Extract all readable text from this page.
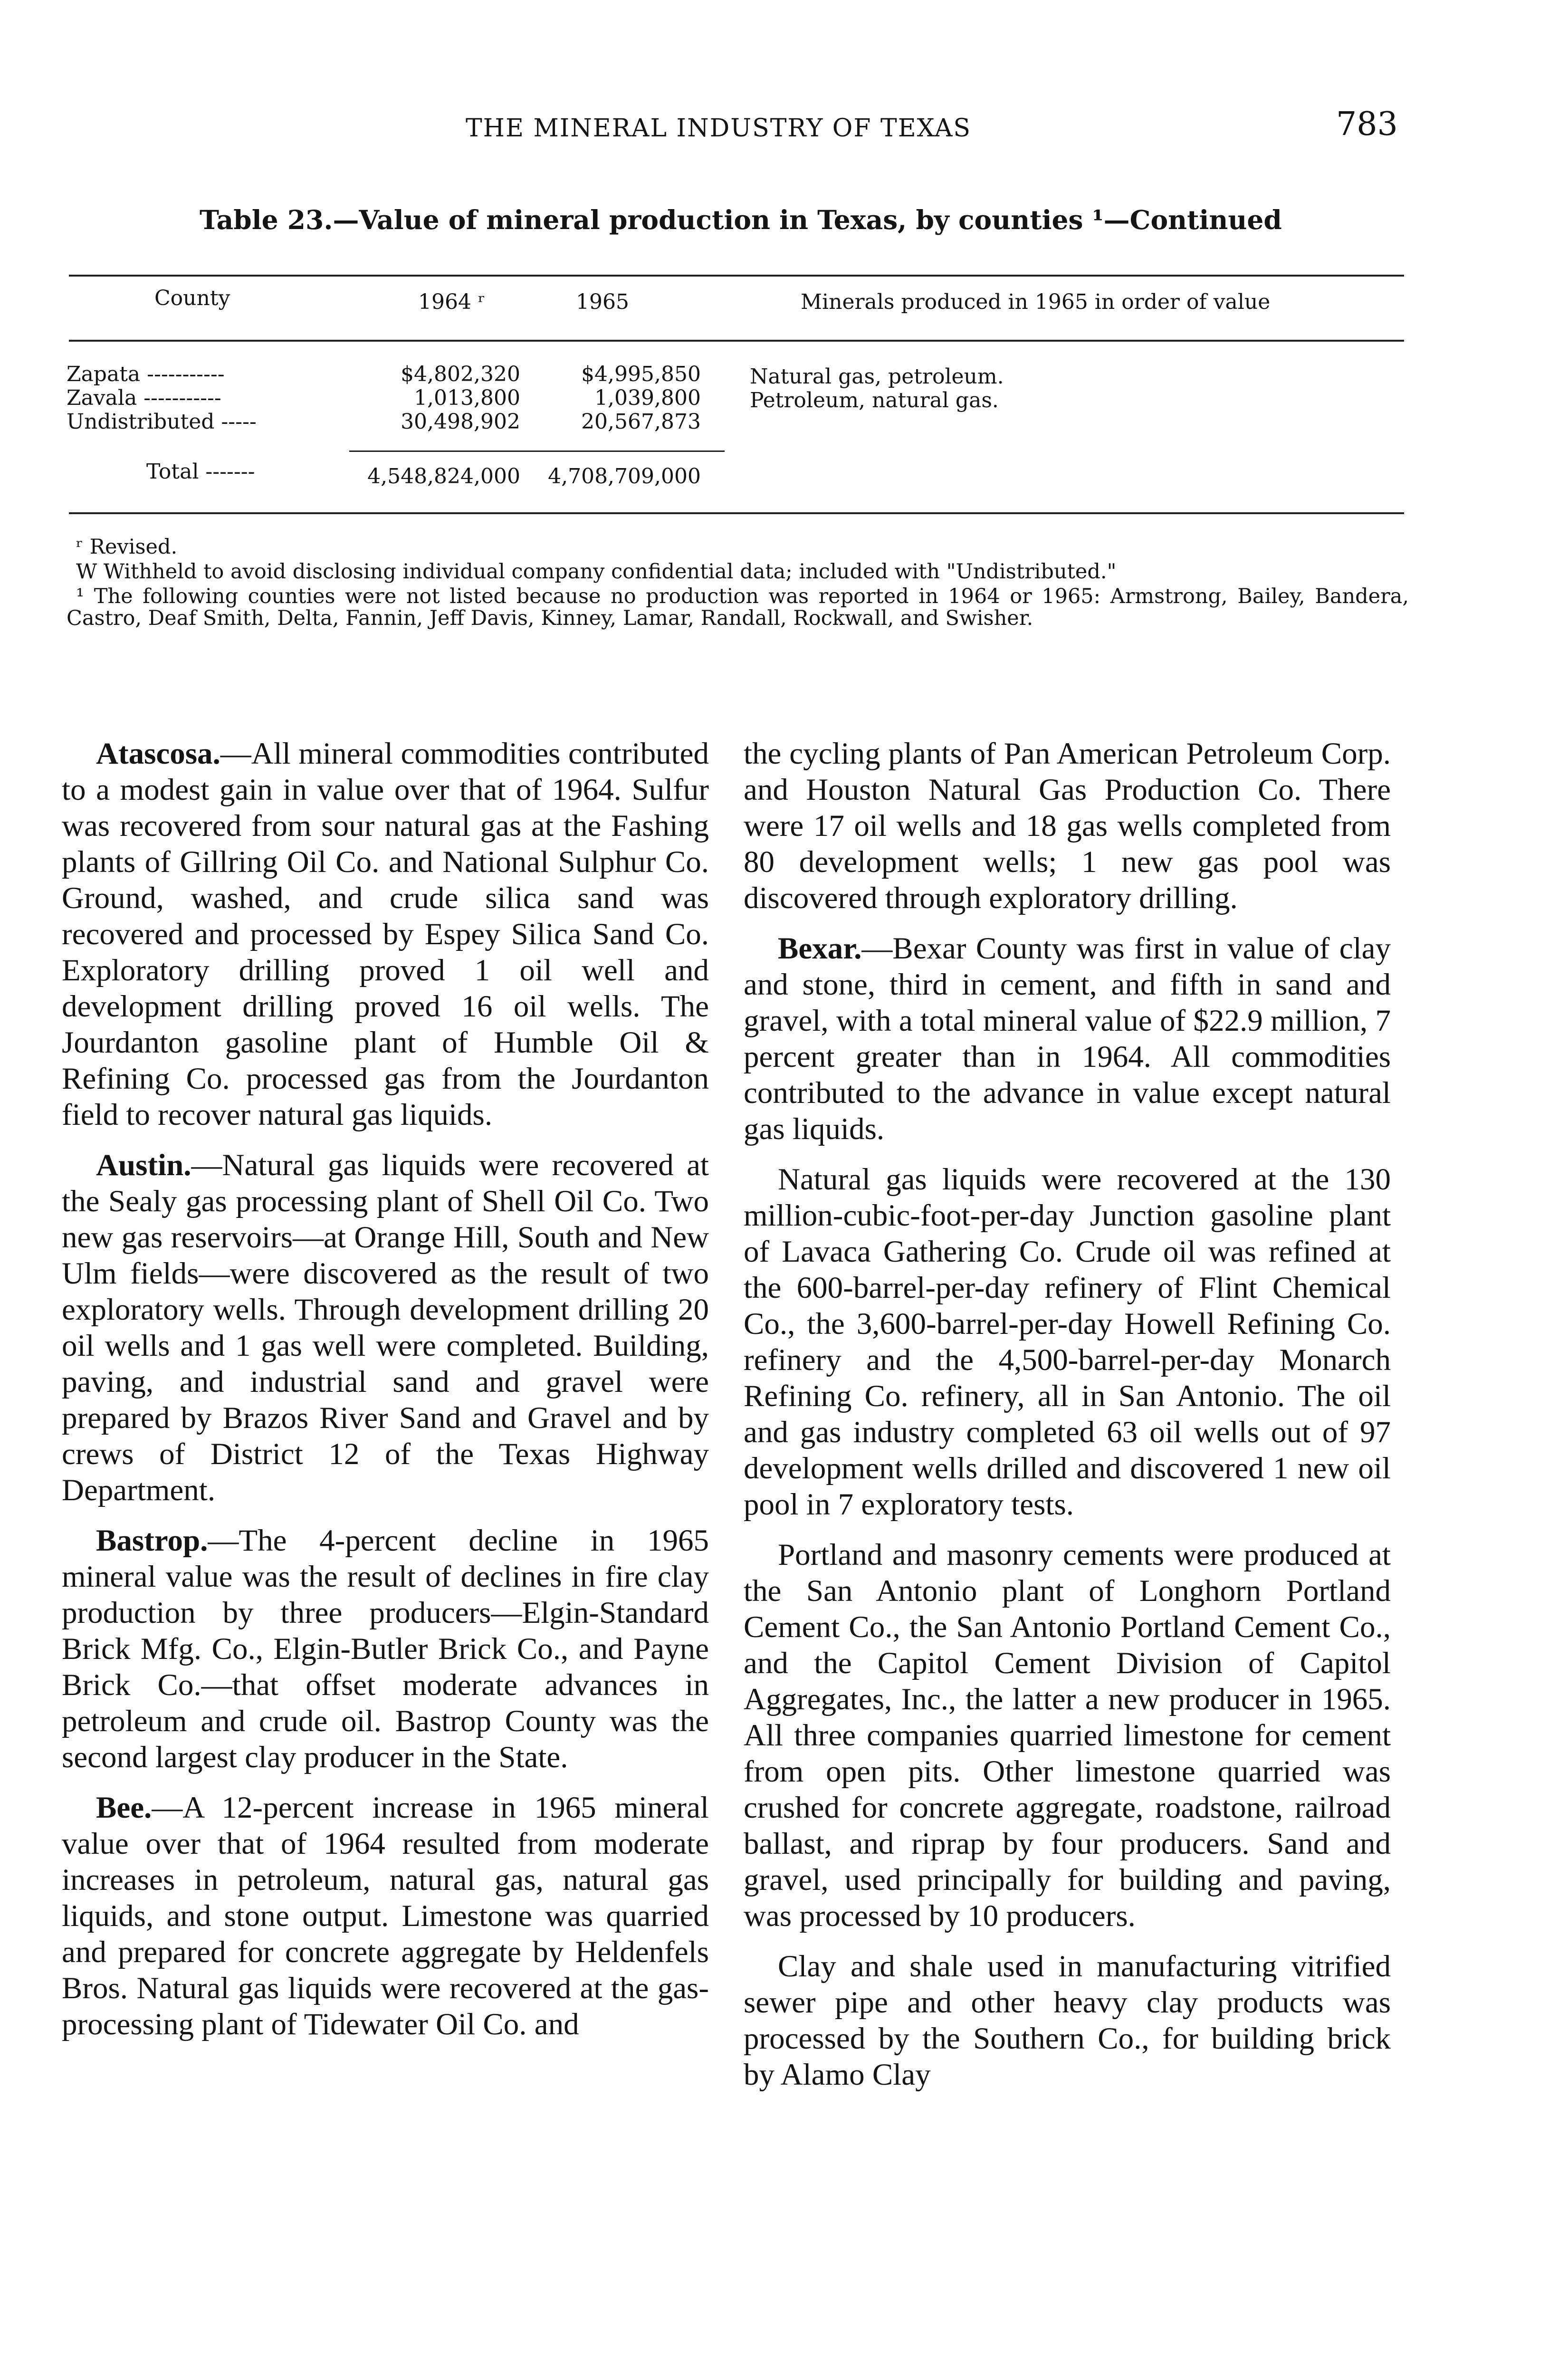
THE MINERAL INDUSTRY OF TEXAS	783
Table 23.—Value of mineral production in Texas, by counties ¹—Continued
County	1964 ʳ	1965	Minerals produced in 1965 in order of value
Zapata -----------	$4,802,320	$4,995,850 Natural gas, petroleum.
Zavala -----------	1,013,800	1,039,800 Petroleum, natural gas.
Undistributed -----	30,498,902	20,567,873
Total -------	4,548,824,000	4,708,709,000
ʳ Revised.
W Withheld to avoid disclosing individual company confidential data; included with "Undistributed."
¹ The following counties were not listed because no production was reported in 1964 or 1965: Armstrong, Bailey, Bandera, Castro, Deaf Smith, Delta, Fannin, Jeff Davis, Kinney, Lamar, Randall, Rockwall, and Swisher.

Atascosa.—All mineral commodities contributed to a modest gain in value over that of 1964. Sulfur was recovered from sour natural gas at the Fashing plants of Gillring Oil Co. and National Sulphur Co. Ground, washed, and crude silica sand was recovered and processed by Espey Silica Sand Co. Exploratory drilling proved 1 oil well and development drilling proved 16 oil wells. The Jourdanton gasoline plant of Humble Oil & Refining Co. processed gas from the Jourdanton field to recover natural gas liquids.

Austin.—Natural gas liquids were recovered at the Sealy gas processing plant of Shell Oil Co. Two new gas reservoirs—at Orange Hill, South and New Ulm fields—were discovered as the result of two exploratory wells. Through development drilling 20 oil wells and 1 gas well were completed. Building, paving, and industrial sand and gravel were prepared by Brazos River Sand and Gravel and by crews of District 12 of the Texas Highway Department.

Bastrop.—The 4-percent decline in 1965 mineral value was the result of declines in fire clay production by three producers—Elgin-Standard Brick Mfg. Co., Elgin-Butler Brick Co., and Payne Brick Co.—that offset moderate advances in petroleum and crude oil. Bastrop County was the second largest clay producer in the State.

Bee.—A 12-percent increase in 1965 mineral value over that of 1964 resulted from moderate increases in petroleum, natural gas, natural gas liquids, and stone output. Limestone was quarried and prepared for concrete aggregate by Heldenfels Bros. Natural gas liquids were recovered at the gas-processing plant of Tidewater Oil Co. and

the cycling plants of Pan American Petroleum Corp. and Houston Natural Gas Production Co. There were 17 oil wells and 18 gas wells completed from 80 development wells; 1 new gas pool was discovered through exploratory drilling.

Bexar.—Bexar County was first in value of clay and stone, third in cement, and fifth in sand and gravel, with a total mineral value of $22.9 million, 7 percent greater than in 1964. All commodities contributed to the advance in value except natural gas liquids.

Natural gas liquids were recovered at the 130 million-cubic-foot-per-day Junction gasoline plant of Lavaca Gathering Co. Crude oil was refined at the 600-barrel-per-day refinery of Flint Chemical Co., the 3,600-barrel-per-day Howell Refining Co. refinery and the 4,500-barrel-per-day Monarch Refining Co. refinery, all in San Antonio. The oil and gas industry completed 63 oil wells out of 97 development wells drilled and discovered 1 new oil pool in 7 exploratory tests.

Portland and masonry cements were produced at the San Antonio plant of Longhorn Portland Cement Co., the San Antonio Portland Cement Co., and the Capitol Cement Division of Capitol Aggregates, Inc., the latter a new producer in 1965. All three companies quarried limestone for cement from open pits. Other limestone quarried was crushed for concrete aggregate, roadstone, railroad ballast, and riprap by four producers. Sand and gravel, used principally for building and paving, was processed by 10 producers.

Clay and shale used in manufacturing vitrified sewer pipe and other heavy clay products was processed by the Southern Co., for building brick by Alamo Clay
